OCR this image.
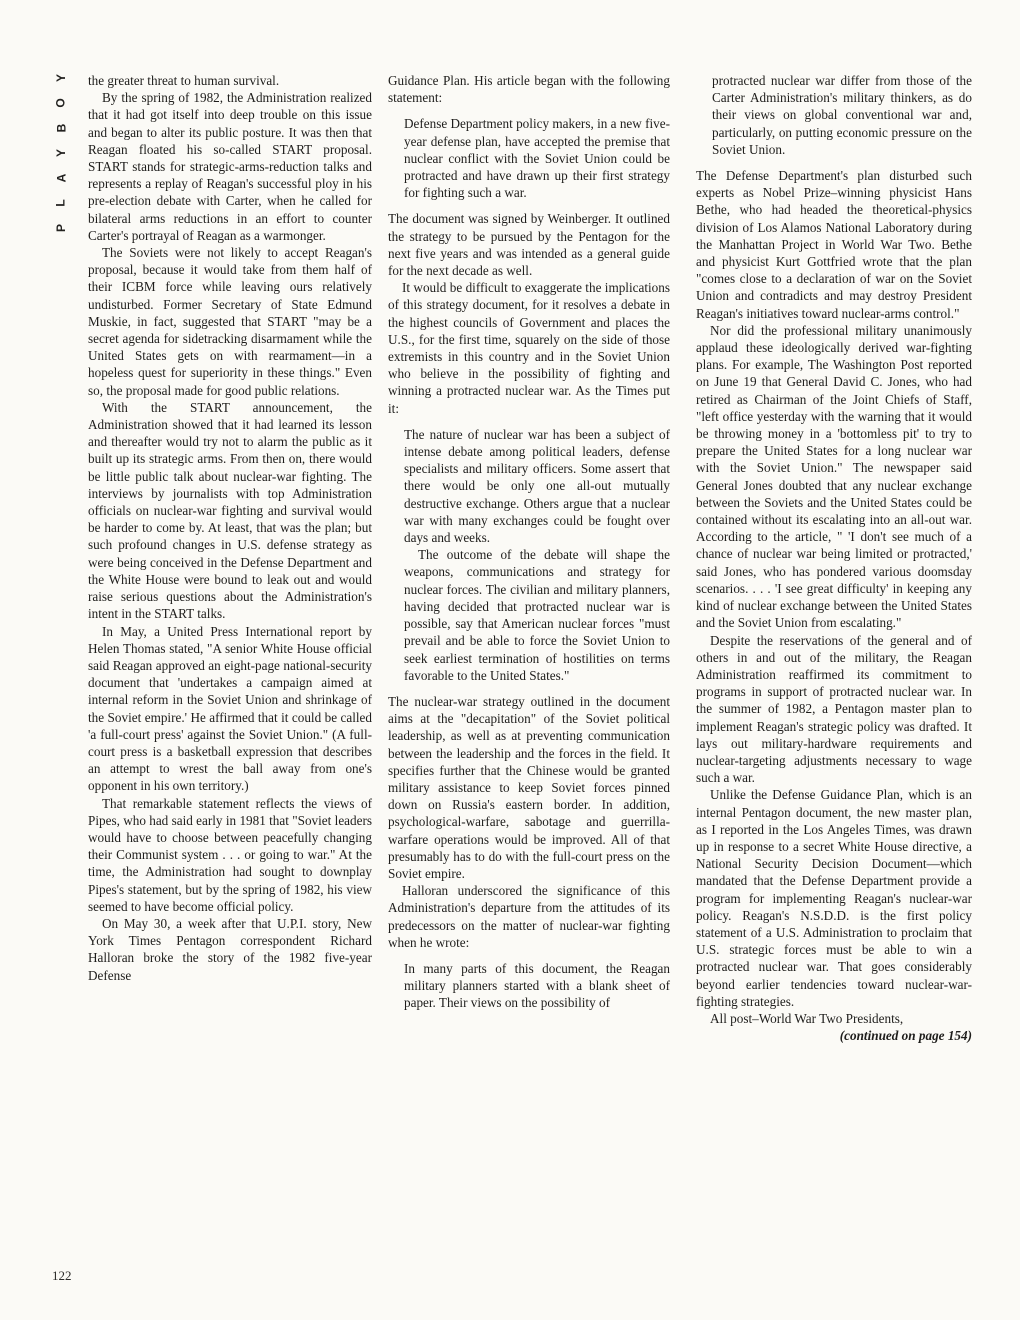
Y
O
B
Y
A
L
P
122

the greater threat to human survival.

By the spring of 1982, the Administration realized that it had got itself into deep trouble on this issue and began to alter its public posture. It was then that Reagan floated his so-called START proposal. START stands for strategic-arms-reduction talks and represents a replay of Reagan's successful ploy in his pre-election debate with Carter, when he called for bilateral arms reductions in an effort to counter Carter's portrayal of Reagan as a warmonger.

The Soviets were not likely to accept Reagan's proposal, because it would take from them half of their ICBM force while leaving ours relatively undisturbed. Former Secretary of State Edmund Muskie, in fact, suggested that START "may be a secret agenda for sidetracking disarmament while the United States gets on with rearmament—in a hopeless quest for superiority in these things." Even so, the proposal made for good public relations.

With the START announcement, the Administration showed that it had learned its lesson and thereafter would try not to alarm the public as it built up its strategic arms. From then on, there would be little public talk about nuclear-war fighting. The interviews by journalists with top Administration officials on nuclear-war fighting and survival would be harder to come by. At least, that was the plan; but such profound changes in U.S. defense strategy as were being conceived in the Defense Department and the White House were bound to leak out and would raise serious questions about the Administration's intent in the START talks.

In May, a United Press International report by Helen Thomas stated, "A senior White House official said Reagan approved an eight-page national-security document that 'undertakes a campaign aimed at internal reform in the Soviet Union and shrinkage of the Soviet empire.' He affirmed that it could be called 'a full-court press' against the Soviet Union." (A full-court press is a basketball expression that describes an attempt to wrest the ball away from one's opponent in his own territory.)

That remarkable statement reflects the views of Pipes, who had said early in 1981 that "Soviet leaders would have to choose between peacefully changing their Communist system . . . or going to war." At the time, the Administration had sought to downplay Pipes's statement, but by the spring of 1982, his view seemed to have become official policy.

On May 30, a week after that U.P.I. story, New York Times Pentagon correspondent Richard Halloran broke the story of the 1982 five-year Defense

Guidance Plan. His article began with the following statement:

Defense Department policy makers, in a new five-year defense plan, have accepted the premise that nuclear conflict with the Soviet Union could be protracted and have drawn up their first strategy for fighting such a war.

The document was signed by Weinberger. It outlined the strategy to be pursued by the Pentagon for the next five years and was intended as a general guide for the next decade as well.

It would be difficult to exaggerate the implications of this strategy document, for it resolves a debate in the highest councils of Government and places the U.S., for the first time, squarely on the side of those extremists in this country and in the Soviet Union who believe in the possibility of fighting and winning a protracted nuclear war. As the Times put it:

The nature of nuclear war has been a subject of intense debate among political leaders, defense specialists and military officers. Some assert that there would be only one all-out mutually destructive exchange. Others argue that a nuclear war with many exchanges could be fought over days and weeks.

The outcome of the debate will shape the weapons, communications and strategy for nuclear forces. The civilian and military planners, having decided that protracted nuclear war is possible, say that American nuclear forces "must prevail and be able to force the Soviet Union to seek earliest termination of hostilities on terms favorable to the United States."

The nuclear-war strategy outlined in the document aims at the "decapitation" of the Soviet political leadership, as well as at preventing communication between the leadership and the forces in the field. It specifies further that the Chinese would be granted military assistance to keep Soviet forces pinned down on Russia's eastern border. In addition, psychological-warfare, sabotage and guerrilla-warfare operations would be improved. All of that presumably has to do with the full-court press on the Soviet empire.

Halloran underscored the significance of this Administration's departure from the attitudes of its predecessors on the matter of nuclear-war fighting when he wrote:

In many parts of this document, the Reagan military planners started with a blank sheet of paper. Their views on the possibility of

protracted nuclear war differ from those of the Carter Administration's military thinkers, as do their views on global conventional war and, particularly, on putting economic pressure on the Soviet Union.

The Defense Department's plan disturbed such experts as Nobel Prize–winning physicist Hans Bethe, who had headed the theoretical-physics division of Los Alamos National Laboratory during the Manhattan Project in World War Two. Bethe and physicist Kurt Gottfried wrote that the plan "comes close to a declaration of war on the Soviet Union and contradicts and may destroy President Reagan's initiatives toward nuclear-arms control."

Nor did the professional military unanimously applaud these ideologically derived war-fighting plans. For example, The Washington Post reported on June 19 that General David C. Jones, who had retired as Chairman of the Joint Chiefs of Staff, "left office yesterday with the warning that it would be throwing money in a 'bottomless pit' to try to prepare the United States for a long nuclear war with the Soviet Union." The newspaper said General Jones doubted that any nuclear exchange between the Soviets and the United States could be contained without its escalating into an all-out war. According to the article, " 'I don't see much of a chance of nuclear war being limited or protracted,' said Jones, who has pondered various doomsday scenarios. . . . 'I see great difficulty' in keeping any kind of nuclear exchange between the United States and the Soviet Union from escalating."

Despite the reservations of the general and of others in and out of the military, the Reagan Administration reaffirmed its commitment to programs in support of protracted nuclear war. In the summer of 1982, a Pentagon master plan to implement Reagan's strategic policy was drafted. It lays out military-hardware requirements and nuclear-targeting adjustments necessary to wage such a war.

Unlike the Defense Guidance Plan, which is an internal Pentagon document, the new master plan, as I reported in the Los Angeles Times, was drawn up in response to a secret White House directive, a National Security Decision Document—which mandated that the Defense Department provide a program for implementing Reagan's nuclear-war policy. Reagan's N.S.D.D. is the first policy statement of a U.S. Administration to proclaim that U.S. strategic forces must be able to win a protracted nuclear war. That goes considerably beyond earlier tendencies toward nuclear-war-fighting strategies.

All post–World War Two Presidents,

(continued on page 154)
